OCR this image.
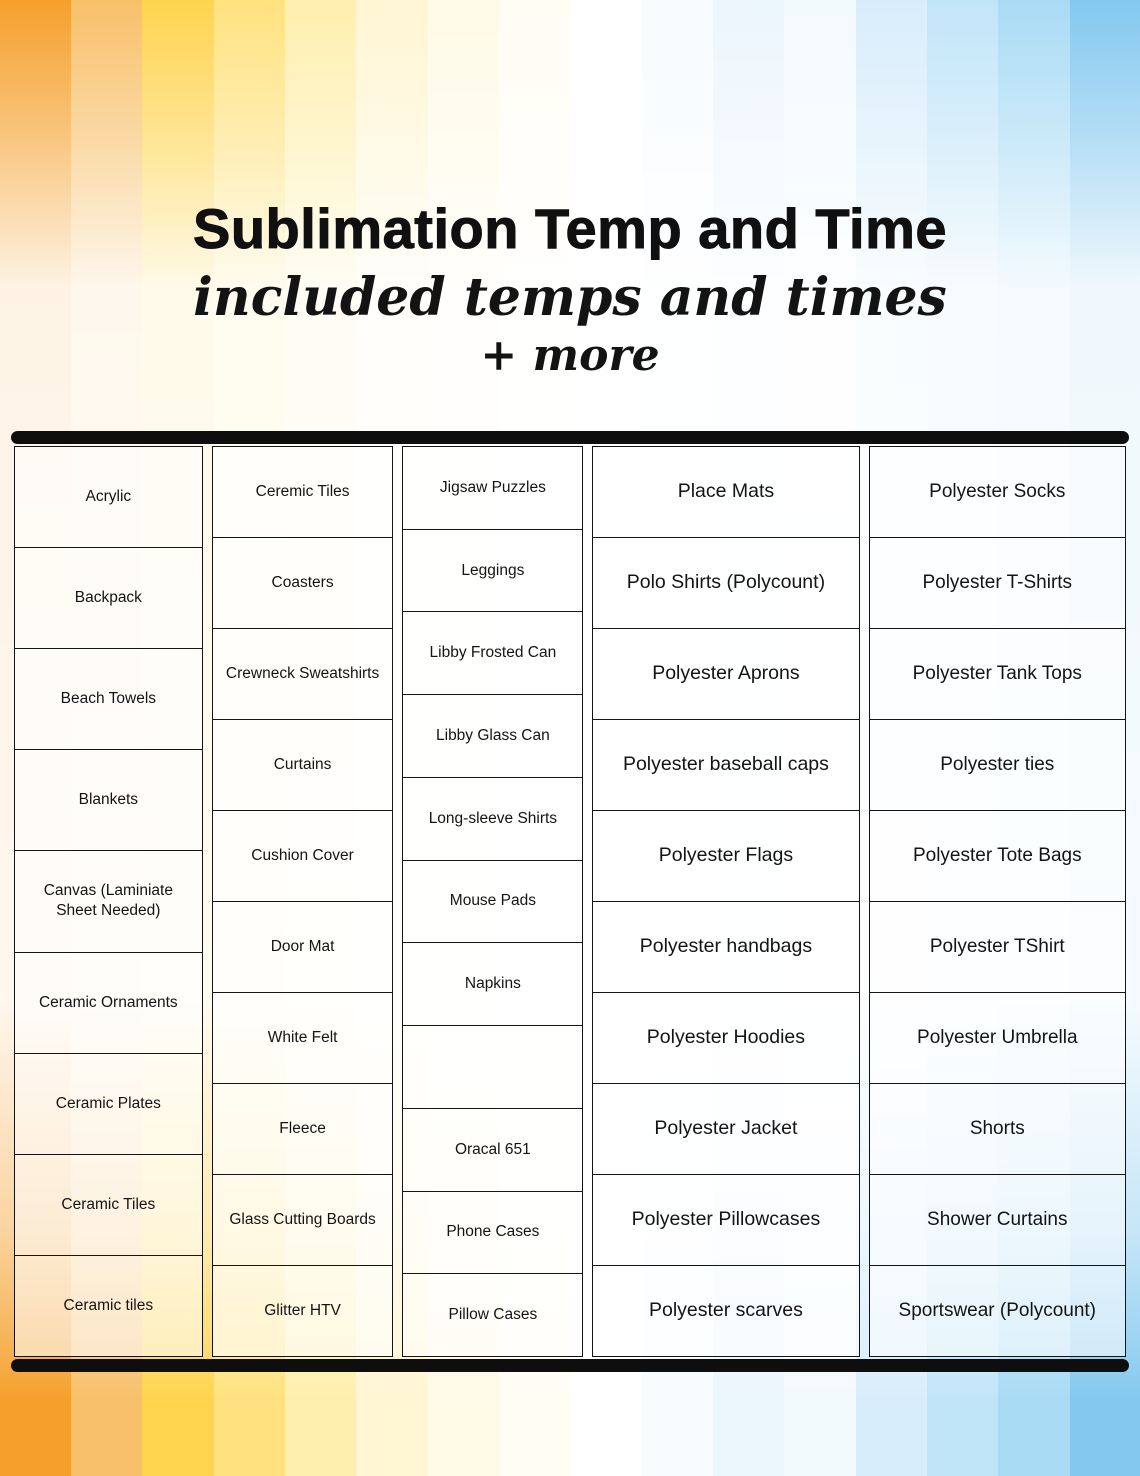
Sublimation Temp and Time
included temps and times
+ more
Acrylic
Backpack
Beach Towels
Blankets
Canvas (Laminiate Sheet Needed)
Ceramic Ornaments
Ceramic Plates
Ceramic Tiles
Ceramic tiles
Ceremic Tiles
Coasters
Crewneck Sweatshirts
Curtains
Cushion Cover
Door Mat
White Felt
Fleece
Glass Cutting Boards
Glitter HTV
Jigsaw Puzzles
Leggings
Libby Frosted Can
Libby Glass Can
Long-sleeve Shirts
Mouse Pads
Napkins
Oracal 651
Phone Cases
Pillow Cases
Place Mats
Polo Shirts (Polycount)
Polyester Aprons
Polyester baseball caps
Polyester Flags
Polyester handbags
Polyester Hoodies
Polyester Jacket
Polyester Pillowcases
Polyester scarves
Polyester Socks
Polyester T-Shirts
Polyester Tank Tops
Polyester ties
Polyester Tote Bags
Polyester TShirt
Polyester Umbrella
Shorts
Shower Curtains
Sportswear (Polycount)
